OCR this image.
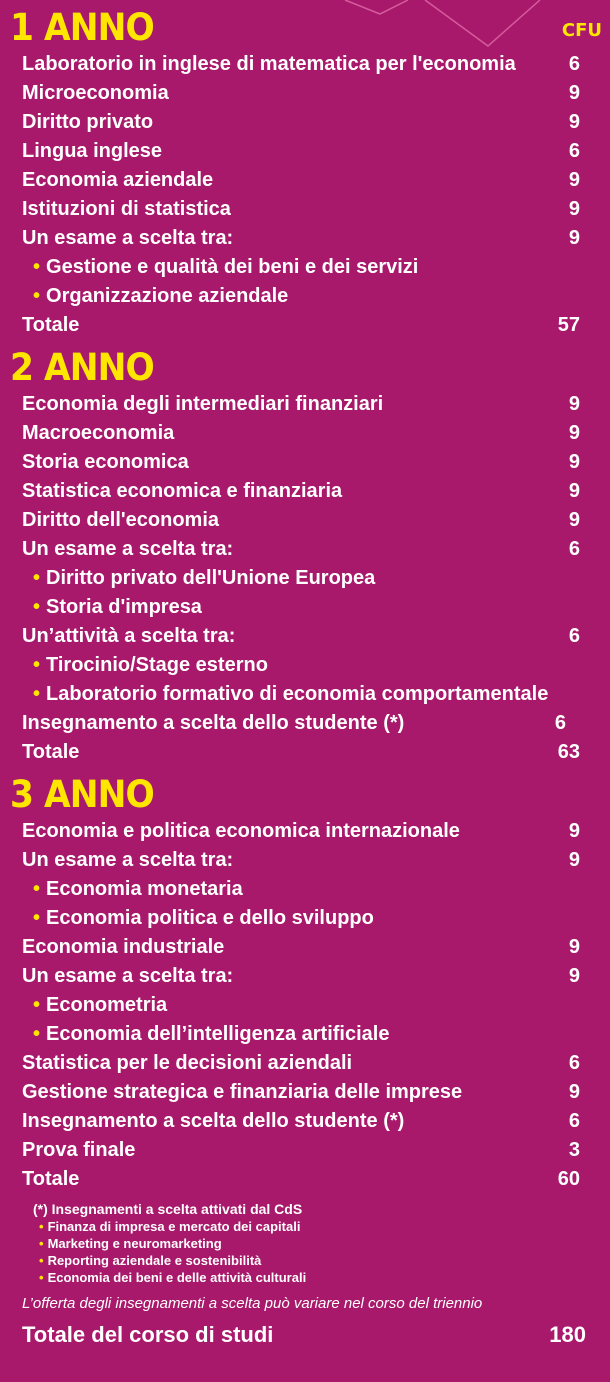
1 ANNO	CFU
Laboratorio in inglese di matematica per l'economia	6
Microeconomia	9
Diritto privato	9
Lingua inglese	6
Economia aziendale	9
Istituzioni di statistica	9
Un esame a scelta tra:	9
• Gestione e qualità dei beni e dei servizi
• Organizzazione aziendale
Totale	57
2 ANNO
Economia degli intermediari finanziari	9
Macroeconomia	9
Storia economica	9
Statistica economica e finanziaria	9
Diritto dell'economia	9
Un esame a scelta tra:	6
• Diritto privato dell'Unione Europea
• Storia d'impresa
Un’attività a scelta tra:	6
• Tirocinio/Stage esterno
• Laboratorio formativo di economia comportamentale
Insegnamento a scelta dello studente (*)	6
Totale	63
3 ANNO
Economia e politica economica internazionale	9
Un esame a scelta tra:	9
• Economia monetaria
• Economia politica e dello sviluppo
Economia industriale	9
Un esame a scelta tra:	9
• Econometria
• Economia dell’intelligenza artificiale
Statistica per le decisioni aziendali	6
Gestione strategica e finanziaria delle imprese	9
Insegnamento a scelta dello studente (*)	6
Prova finale	3
Totale	60
(*) Insegnamenti a scelta attivati dal CdS
• Finanza di impresa e mercato dei capitali
• Marketing e neuromarketing
• Reporting aziendale e sostenibilità
• Economia dei beni e delle attività culturali
L’offerta degli insegnamenti a scelta può variare nel corso del triennio
Totale del corso di studi	180
